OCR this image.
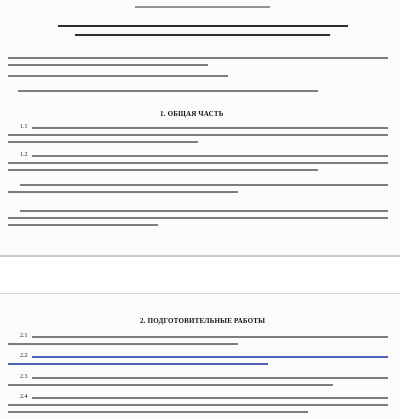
1. ОБЩАЯ ЧАСТЬ
1.1
1.2
2. ПОДГОТОВИТЕЛЬНЫЕ РАБОТЫ
2.1
2.2
2.3
2.4
